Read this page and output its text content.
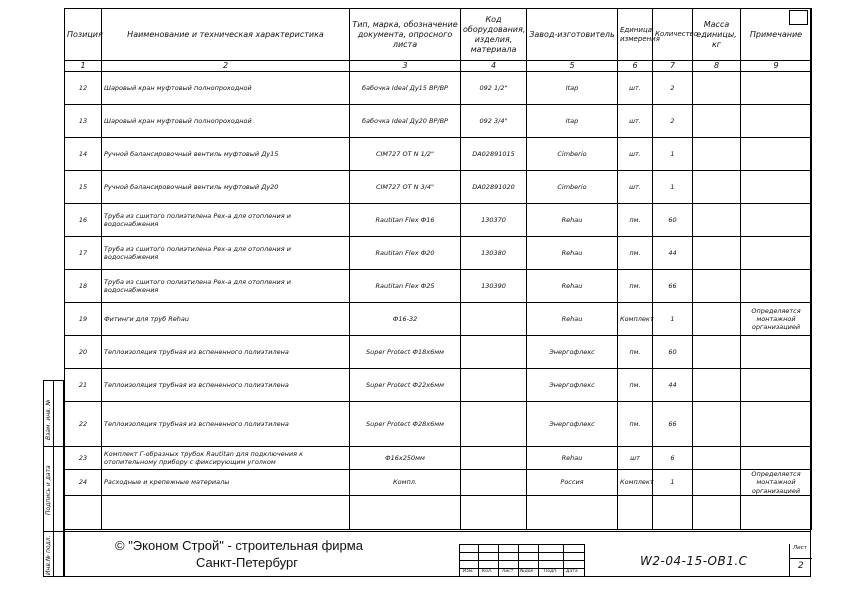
Позиция	Наименование и техническая характеристика	Тип, марка, обозначение документа, опросного листа	Код оборудования, изделия, материала	Завод-изготовитель	Единица измерения	Количество	Масса единицы, кг	Примечание
1	2	3	4	5	6	7	8	9
12	Шаровый кран муфтовый полнопроходной	бабочка Ideal Ду15 ВР/ВР	092 1/2"	Itap	шт.	2		
13	Шаровый кран муфтовый полнопроходной	бабочка Ideal Ду20 ВР/ВР	092 3/4"	Itap	шт.	2		
14	Ручной балансировочный вентиль муфтовый Ду15	CIM727 OT N 1/2"	DA02891015	Cimberio	шт.	1		
15	Ручной балансировочный вентиль муфтовый Ду20	CIM727 OT N 3/4"	DA02891020	Cimberio	шт.	1		
16	Труба из сшитого полиэтилена Pex-a для отопления и водоснабжения	Rautitan Flex Ф16	130370	Rehau	пм.	60		
17	Труба из сшитого полиэтилена Pex-a для отопления и водоснабжения	Rautitan Flex Ф20	130380	Rehau	пм.	44		
18	Труба из сшитого полиэтилена Pex-a для отопления и водоснабжения	Rautitan Flex Ф25	130390	Rehau	пм.	66		
19	Фитинги для труб Rehau	Ф16-32		Rehau	Комплект	1		Определяется монтажной организацией
20	Теплоизоляция трубная из вспененного полиэтилена	Super Protect Ф18х6мм		Энергофлекс	пм.	60		
21	Теплоизоляция трубная из вспененного полиэтилена	Super Protect Ф22х6мм		Энергофлекс	пм.	44		
22	Теплоизоляция трубная из вспененного полиэтилена	Super Protect Ф28х6мм		Энергофлекс	пм.	66		
23	Комплект Г-образных трубок Rautitan для подключения к отопительному прибору с фиксирующим уголком	Ф16х250мм		Rehau	шт	6		
24	Расходные и крепежные материалы	Компл.		Россия	Комплект	1		Определяется монтажной организацией

Взам. инв. №
Подпись и дата
Инв.№ подл.	© "Эконом Строй" - строительная фирма
Санкт-Петербург
Изм. Кол. Лист №док Подп. Дата
W2-04-15-ОВ1.С
Лист
2
